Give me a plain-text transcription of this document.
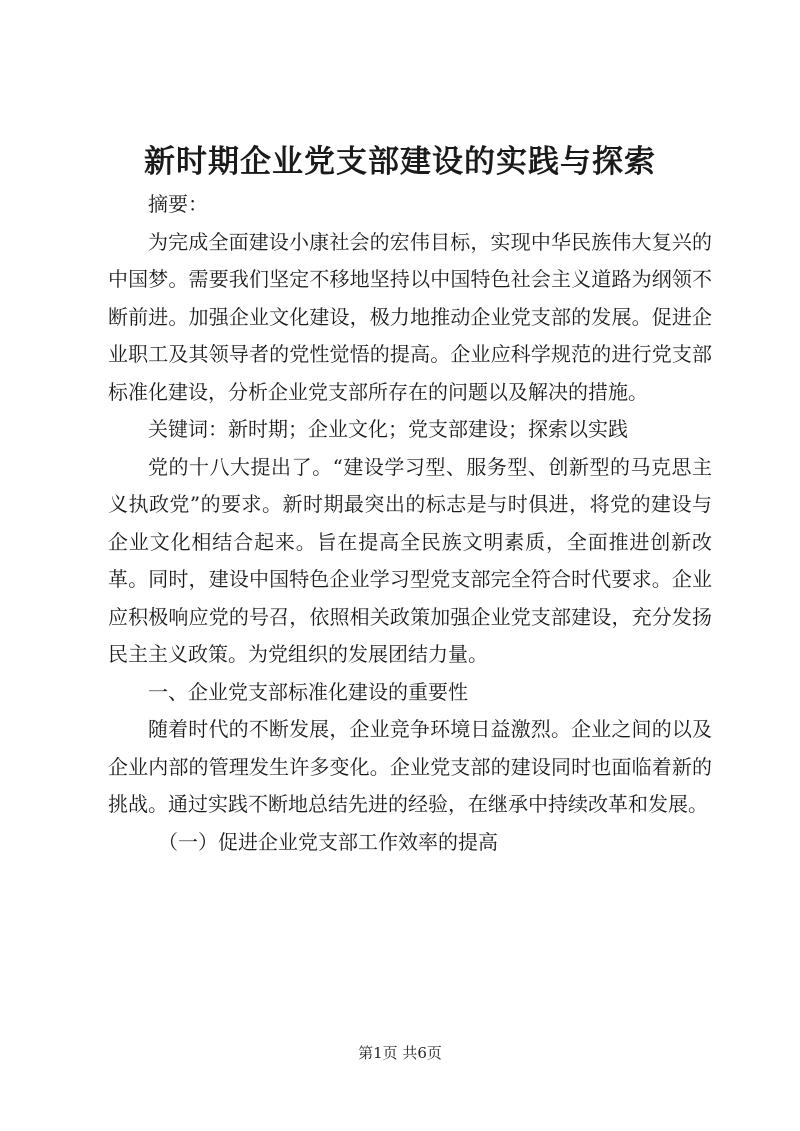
新时期企业党支部建设的实践与探索

摘要：

为完成全面建设小康社会的宏伟目标，实现中华民族伟大复兴的中国梦。需要我们坚定不移地坚持以中国特色社会主义道路为纲领不断前进。加强企业文化建设，极力地推动企业党支部的发展。促进企业职工及其领导者的党性觉悟的提高。企业应科学规范的进行党支部标准化建设，分析企业党支部所存在的问题以及解决的措施。

关键词：新时期；企业文化；党支部建设；探索以实践

党的十八大提出了。“建设学习型、服务型、创新型的马克思主义执政党”的要求。新时期最突出的标志是与时俱进，将党的建设与企业文化相结合起来。旨在提高全民族文明素质，全面推进创新改革。同时，建设中国特色企业学习型党支部完全符合时代要求。企业应积极响应党的号召，依照相关政策加强企业党支部建设，充分发扬民主主义政策。为党组织的发展团结力量。

一、企业党支部标准化建设的重要性

随着时代的不断发展，企业竞争环境日益激烈。企业之间的以及企业内部的管理发生许多变化。企业党支部的建设同时也面临着新的挑战。通过实践不断地总结先进的经验，在继承中持续改革和发展。

（一）促进企业党支部工作效率的提高

第1页 共6页
